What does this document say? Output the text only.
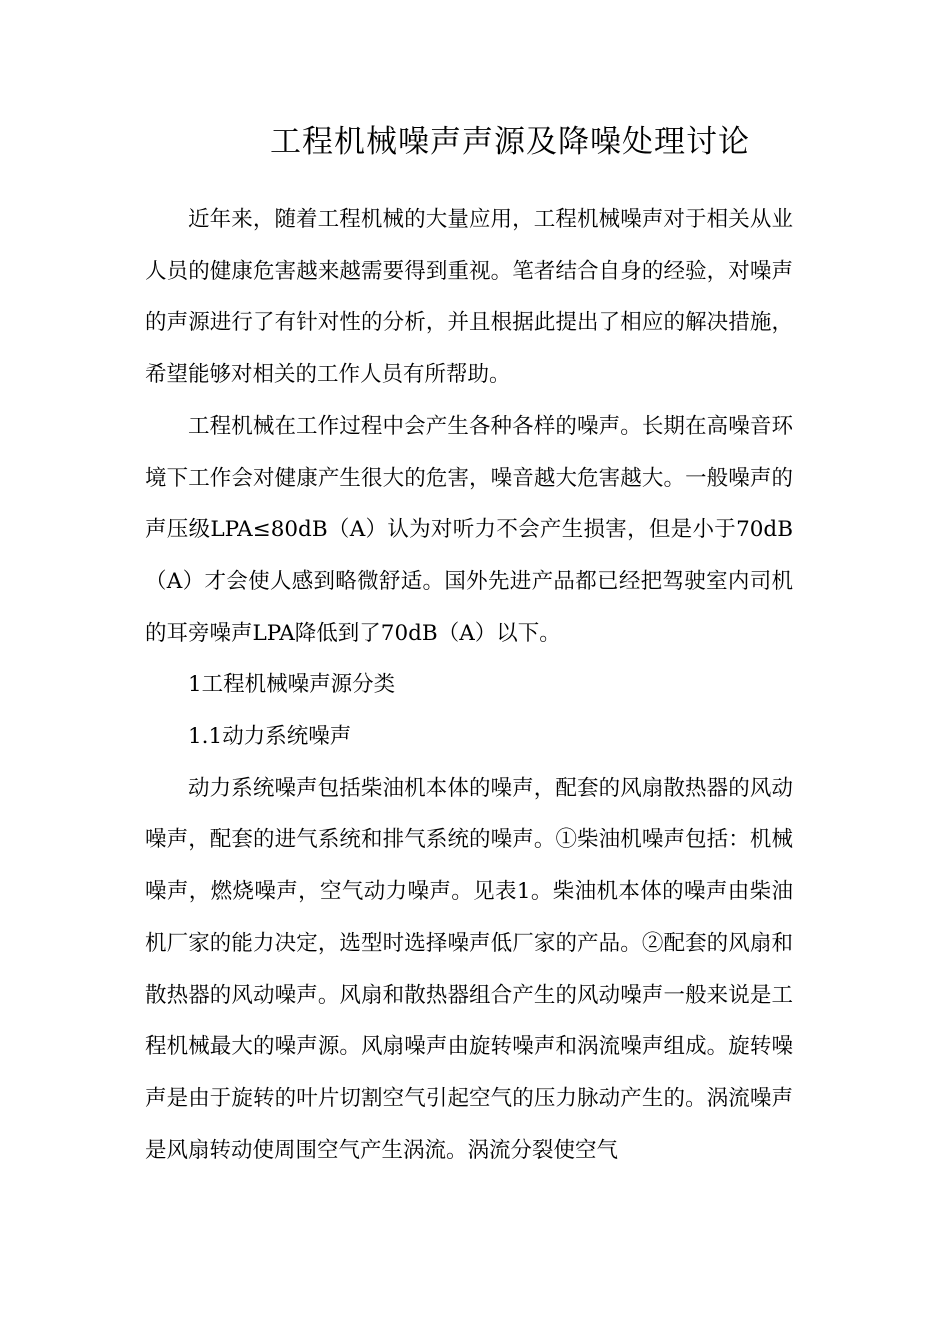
工程机械噪声声源及降噪处理讨论

近年来，随着工程机械的大量应用，工程机械噪声对于相关从业人员的健康危害越来越需要得到重视。笔者结合自身的经验，对噪声的声源进行了有针对性的分析，并且根据此提出了相应的解决措施，希望能够对相关的工作人员有所帮助。

工程机械在工作过程中会产生各种各样的噪声。长期在高噪音环境下工作会对健康产生很大的危害，噪音越大危害越大。一般噪声的声压级LPA≤80dB（A）认为对听力不会产生损害，但是小于70dB（A）才会使人感到略微舒适。国外先进产品都已经把驾驶室内司机的耳旁噪声LPA降低到了70dB（A）以下。

1工程机械噪声源分类

1.1动力系统噪声

动力系统噪声包括柴油机本体的噪声，配套的风扇散热器的风动噪声，配套的进气系统和排气系统的噪声。①柴油机噪声包括：机械噪声，燃烧噪声，空气动力噪声。见表1。柴油机本体的噪声由柴油机厂家的能力决定，选型时选择噪声低厂家的产品。②配套的风扇和散热器的风动噪声。风扇和散热器组合产生的风动噪声一般来说是工程机械最大的噪声源。风扇噪声由旋转噪声和涡流噪声组成。旋转噪声是由于旋转的叶片切割空气引起空气的压力脉动产生的。涡流噪声是风扇转动使周围空气产生涡流。涡流分裂使空气
